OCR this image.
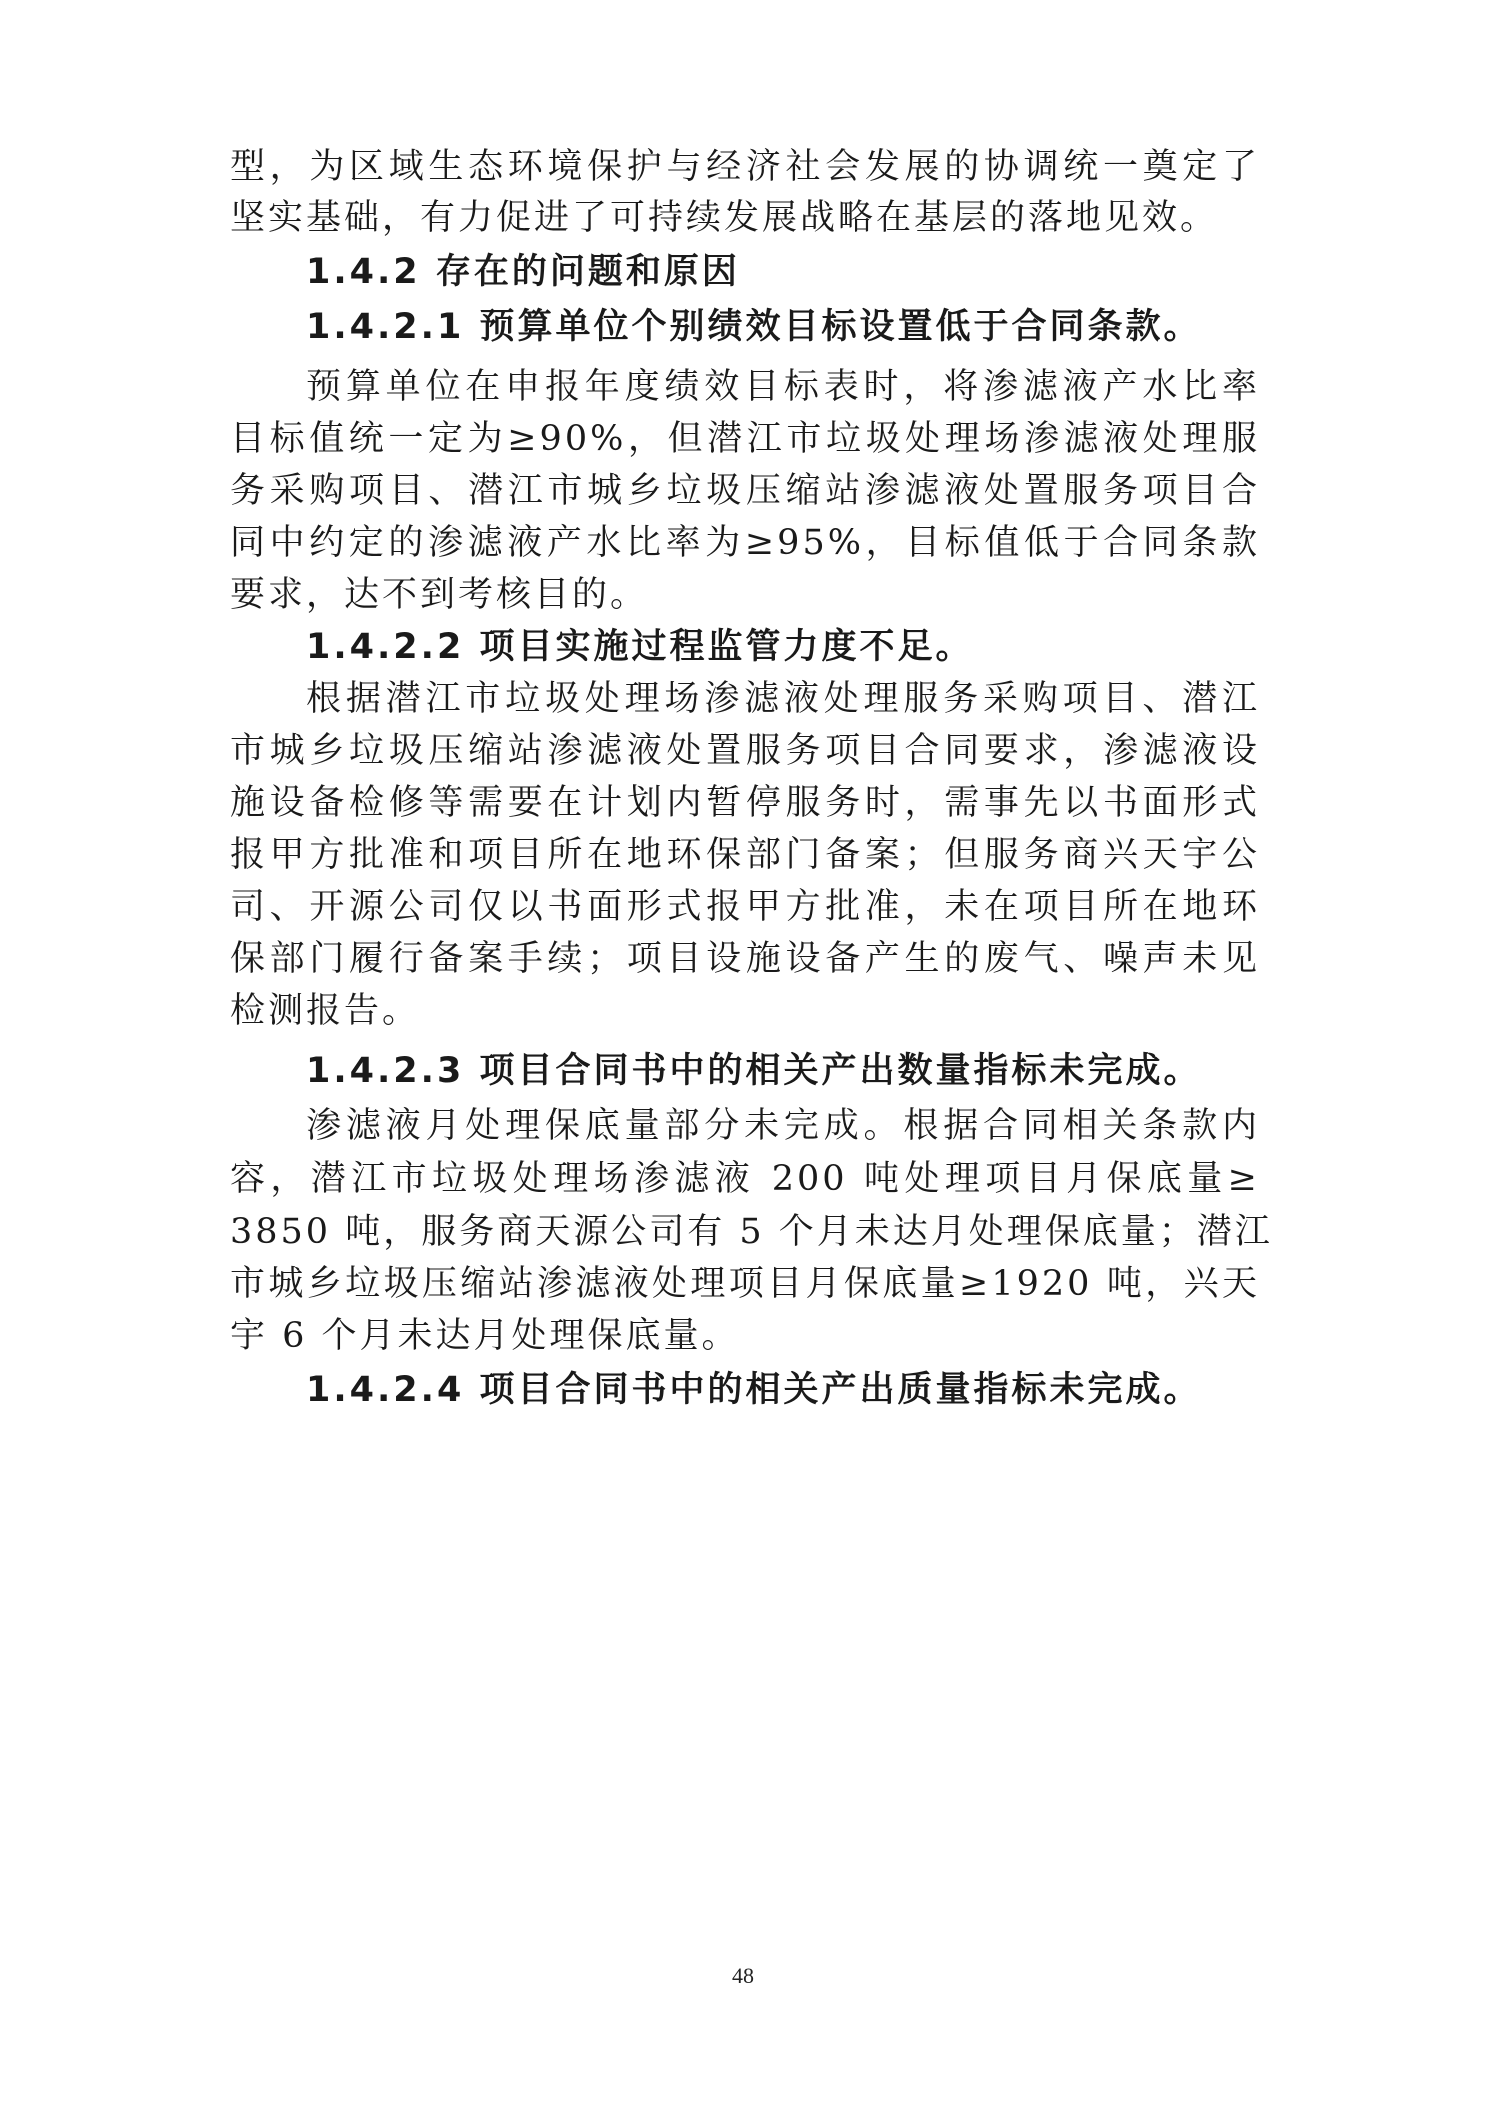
型，为区域生态环境保护与经济社会发展的协调统一奠定了
坚实基础，有力促进了可持续发展战略在基层的落地见效。
1.4.2 存在的问题和原因
1.4.2.1 预算单位个别绩效目标设置低于合同条款。
预算单位在申报年度绩效目标表时，将渗滤液产水比率
目标值统一定为≥90%，但潜江市垃圾处理场渗滤液处理服
务采购项目、潜江市城乡垃圾压缩站渗滤液处置服务项目合
同中约定的渗滤液产水比率为≥95%，目标值低于合同条款
要求，达不到考核目的。
1.4.2.2 项目实施过程监管力度不足。
根据潜江市垃圾处理场渗滤液处理服务采购项目、潜江
市城乡垃圾压缩站渗滤液处置服务项目合同要求，渗滤液设
施设备检修等需要在计划内暂停服务时，需事先以书面形式
报甲方批准和项目所在地环保部门备案；但服务商兴天宇公
司、开源公司仅以书面形式报甲方批准，未在项目所在地环
保部门履行备案手续；项目设施设备产生的废气、噪声未见
检测报告。
1.4.2.3 项目合同书中的相关产出数量指标未完成。
渗滤液月处理保底量部分未完成。根据合同相关条款内
容，潜江市垃圾处理场渗滤液 200 吨处理项目月保底量≥
3850 吨，服务商天源公司有 5 个月未达月处理保底量；潜江
市城乡垃圾压缩站渗滤液处理项目月保底量≥1920 吨，兴天
宇 6 个月未达月处理保底量。
1.4.2.4 项目合同书中的相关产出质量指标未完成。
48
